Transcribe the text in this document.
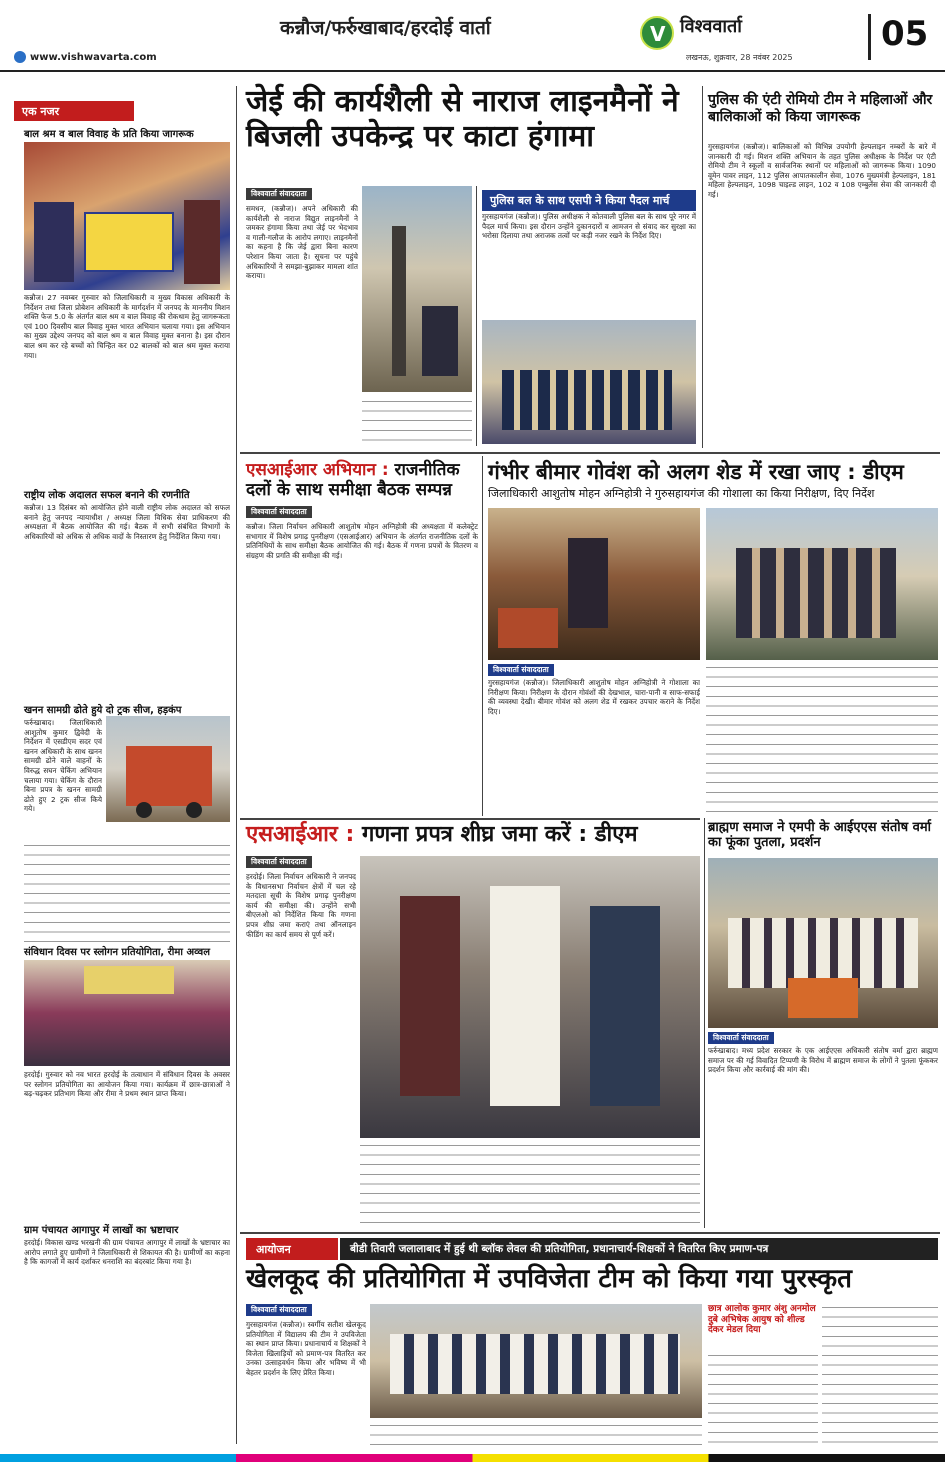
कन्नौज/फर्रुखाबाद/हरदोई वार्ता	V विश्ववार्ता
लखनऊ, शुक्रवार, 28 नवंबर 2025
05
www.vishwavarta.com
एक नजर
बाल श्रम व बाल विवाह के प्रति किया जागरूक
कन्नौज। 27 नवम्बर गुरुवार को जिलाधिकारी व मुख्य विकास अधिकारी के निर्देशन तथा जिला प्रोबेशन अधिकारी के मार्गदर्शन में जनपद के माननीय मिशन शक्ति फेज 5.0 के अंतर्गत बाल श्रम व बाल विवाह की रोकथाम हेतु जागरूकता एवं 100 दिवसीय बाल विवाह मुक्त भारत अभियान चलाया गया। इस अभियान का मुख्य उद्देश्य जनपद को बाल श्रम व बाल विवाह मुक्त बनाना है। इस दौरान बाल श्रम कर रहे बच्चों को चिन्हित कर 02 बालकों को बाल श्रम मुक्त कराया गया।
राष्ट्रीय लोक अदालत सफल बनाने की रणनीति
कन्नौज। 13 दिसंबर को आयोजित होने वाली राष्ट्रीय लोक अदालत को सफल बनाने हेतु जनपद न्यायाधीश / अध्यक्ष जिला विधिक सेवा प्राधिकरण की अध्यक्षता में बैठक आयोजित की गई। बैठक में सभी संबंधित विभागों के अधिकारियों को अधिक से अधिक वादों के निस्तारण हेतु निर्देशित किया गया।
खनन सामग्री ढोते हुये दो ट्रक सीज, हड़कंप
फर्रुखाबाद। जिलाधिकारी आशुतोष कुमार द्विवेदी के निर्देशन में एसडीएम सदर एवं खनन अधिकारी के साथ खनन सामग्री ढोने वाले वाहनों के विरुद्ध सघन चेकिंग अभियान चलाया गया। चेकिंग के दौरान बिना प्रपत्र के खनन सामग्री ढोते हुए 2 ट्रक सीज किये गये।
संविधान दिवस पर स्लोगन प्रतियोगिता, रीमा अव्वल
हरदोई। गुरुवार को नव भारत हरदोई के तत्वाधान में संविधान दिवस के अवसर पर स्लोगन प्रतियोगिता का आयोजन किया गया। कार्यक्रम में छात्र-छात्राओं ने बढ़-चढ़कर प्रतिभाग किया और रीमा ने प्रथम स्थान प्राप्त किया।
ग्राम पंचायत आगापुर में लाखों का भ्रष्टाचार
हरदोई। विकास खण्ड भरखनी की ग्राम पंचायत आगापुर में लाखों के भ्रष्टाचार का आरोप लगाते हुए ग्रामीणों ने जिलाधिकारी से शिकायत की है। ग्रामीणों का कहना है कि कागजों में कार्य दर्शाकर धनराशि का बंदरबांट किया गया है।
जेई की कार्यशैली से नाराज लाइनमैनों ने बिजली उपकेन्द्र पर काटा हंगामा
विश्ववार्ता संवाददाता
समधन, (कन्नौज)। अपने अधिकारी की कार्यशैली से नाराज विद्युत लाइनमैनों ने जमकर हंगामा किया तथा जेई पर भेदभाव व गाली-गलौज के आरोप लगाए। लाइनमैनों का कहना है कि जेई द्वारा बिना कारण परेशान किया जाता है। सूचना पर पहुंचे अधिकारियों ने समझा-बुझाकर मामला शांत कराया।
पुलिस बल के साथ एसपी ने किया पैदल मार्च
गुरसहायगंज (कन्नौज)। पुलिस अधीक्षक ने कोतवाली पुलिस बल के साथ पूरे नगर में पैदल मार्च किया। इस दौरान उन्होंने दुकानदारों व आमजन से संवाद कर सुरक्षा का भरोसा दिलाया तथा अराजक तत्वों पर कड़ी नजर रखने के निर्देश दिए।
पुलिस की एंटी रोमियो टीम ने महिलाओं और बालिकाओं को किया जागरूक
गुरसहायगंज (कन्नौज)। बालिकाओं को विभिन्न उपयोगी हेल्पलाइन नम्बरों के बारे में जानकारी दी गई। मिशन शक्ति अभियान के तहत पुलिस अधीक्षक के निर्देश पर एंटी रोमियो टीम ने स्कूलों व सार्वजनिक स्थानों पर महिलाओं को जागरूक किया। 1090 वूमेन पावर लाइन, 112 पुलिस आपातकालीन सेवा, 1076 मुख्यमंत्री हेल्पलाइन, 181 महिला हेल्पलाइन, 1098 चाइल्ड लाइन, 102 व 108 एम्बुलेंस सेवा की जानकारी दी गई।
एसआईआर अभियान : राजनीतिक दलों के साथ समीक्षा बैठक सम्पन्न
विश्ववार्ता संवाददाता
कन्नौज। जिला निर्वाचन अधिकारी आशुतोष मोहन अग्निहोत्री की अध्यक्षता में कलेक्ट्रेट सभागार में विशेष प्रगाढ़ पुनरीक्षण (एसआईआर) अभियान के अंतर्गत राजनीतिक दलों के प्रतिनिधियों के साथ समीक्षा बैठक आयोजित की गई। बैठक में गणना प्रपत्रों के वितरण व संग्रहण की प्रगति की समीक्षा की गई।
गंभीर बीमार गोवंश को अलग शेड में रखा जाए : डीएम
जिलाधिकारी आशुतोष मोहन अग्निहोत्री ने गुरुसहायगंज की गोशाला का किया निरीक्षण, दिए निर्देश
विश्ववार्ता संवाददाता
गुरसहायगंज (कन्नौज)। जिलाधिकारी आशुतोष मोहन अग्निहोत्री ने गोशाला का निरीक्षण किया। निरीक्षण के दौरान गोवंशों की देखभाल, चारा-पानी व साफ-सफाई की व्यवस्था देखी। बीमार गोवंश को अलग शेड में रखकर उपचार कराने के निर्देश दिए।
एसआईआर : गणना प्रपत्र शीघ्र जमा करें : डीएम
विश्ववार्ता संवाददाता
हरदोई। जिला निर्वाचन अधिकारी ने जनपद के विधानसभा निर्वाचन क्षेत्रों में चल रहे मतदाता सूची के विशेष प्रगाढ़ पुनरीक्षण कार्य की समीक्षा की। उन्होंने सभी बीएलओ को निर्देशित किया कि गणना प्रपत्र शीघ्र जमा कराएं तथा ऑनलाइन फीडिंग का कार्य समय से पूर्ण करें।
ब्राह्मण समाज ने एमपी के आईएएस संतोष वर्मा का फूंका पुतला, प्रदर्शन
विश्ववार्ता संवाददाता
फर्रुखाबाद। मध्य प्रदेश सरकार के एक आईएएस अधिकारी संतोष वर्मा द्वारा ब्राह्मण समाज पर की गई विवादित टिप्पणी के विरोध में ब्राह्मण समाज के लोगों ने पुतला फूंककर प्रदर्शन किया और कार्रवाई की मांग की।
आयोजन	बीडी तिवारी जलालाबाद में हुई थी ब्लॉक लेवल की प्रतियोगिता, प्रधानाचार्य-शिक्षकों ने वितरित किए प्रमाण-पत्र
खेलकूद की प्रतियोगिता में उपविजेता टीम को किया गया पुरस्कृत
विश्ववार्ता संवाददाता
गुरसहायगंज (कन्नौज)। स्वर्गीय सतीश खेलकूद प्रतियोगिता में विद्यालय की टीम ने उपविजेता का स्थान प्राप्त किया। प्रधानाचार्य व शिक्षकों ने विजेता खिलाड़ियों को प्रमाण-पत्र वितरित कर उनका उत्साहवर्धन किया और भविष्य में भी बेहतर प्रदर्शन के लिए प्रेरित किया।
छात्र आलोक कुमार अंशु अनमोल दुबे अभिषेक आयुष को शील्ड देकर मेडल दिया
